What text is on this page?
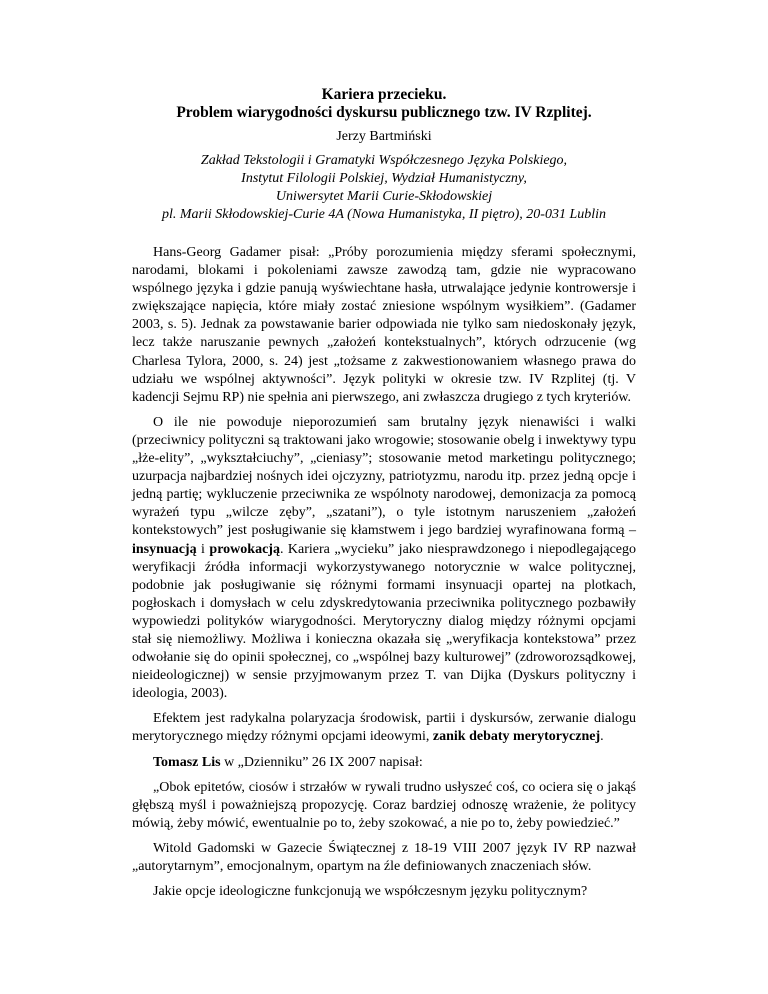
Kariera przecieku.
Problem wiarygodności dyskursu publicznego tzw. IV Rzplitej.
Jerzy Bartmiński
Zakład Tekstologii i Gramatyki Współczesnego Języka Polskiego,
Instytut Filologii Polskiej, Wydział Humanistyczny,
Uniwersytet Marii Curie-Skłodowskiej
pl. Marii Skłodowskiej-Curie 4A (Nowa Humanistyka, II piętro), 20-031 Lublin

Hans-Georg Gadamer pisał: „Próby porozumienia między sferami społecznymi, narodami, blokami i pokoleniami zawsze zawodzą tam, gdzie nie wypracowano wspólnego języka i gdzie panują wyświechtane hasła, utrwalające jedynie kontrowersje i zwiększające napięcia, które miały zostać zniesione wspólnym wysiłkiem”. (Gadamer 2003, s. 5). Jednak za powstawanie barier odpowiada nie tylko sam niedoskonały język, lecz także naruszanie pewnych „założeń kontekstualnych”, których odrzucenie (wg Charlesa Tylora, 2000, s. 24) jest „tożsame z zakwestionowaniem własnego prawa do udziału we wspólnej aktywności”. Język polityki w okresie tzw. IV Rzplitej (tj. V kadencji Sejmu RP) nie spełnia ani pierwszego, ani zwłaszcza drugiego z tych kryteriów.

O ile nie powoduje nieporozumień sam brutalny język nienawiści i walki (przeciwnicy polityczni są traktowani jako wrogowie; stosowanie obelg i inwektywy typu „łże-elity”, „wykształciuchy”, „cieniasy”; stosowanie metod marketingu politycznego; uzurpacja najbardziej nośnych idei ojczyzny, patriotyzmu, narodu itp. przez jedną opcje i jedną partię; wykluczenie przeciwnika ze wspólnoty narodowej, demonizacja za pomocą wyrażeń typu „wilcze zęby”, „szatani”), o tyle istotnym naruszeniem „założeń kontekstowych” jest posługiwanie się kłamstwem i jego bardziej wyrafinowana formą – insynuacją i prowokacją. Kariera „wycieku” jako niesprawdzonego i niepodlegającego weryfikacji źródła informacji wykorzystywanego notorycznie w walce politycznej, podobnie jak posługiwanie się różnymi formami insynuacji opartej na plotkach, pogłoskach i domysłach w celu zdyskredytowania przeciwnika politycznego pozbawiły wypowiedzi polityków wiarygodności. Merytoryczny dialog między różnymi opcjami stał się niemożliwy. Możliwa i konieczna okazała się „weryfikacja kontekstowa” przez odwołanie się do opinii społecznej, co „wspólnej bazy kulturowej” (zdroworozsądkowej, nieideologicznej) w sensie przyjmowanym przez T. van Dijka (Dyskurs polityczny i ideologia, 2003).

Efektem jest radykalna polaryzacja środowisk, partii i dyskursów, zerwanie dialogu merytorycznego między różnymi opcjami ideowymi, zanik debaty merytorycznej.

Tomasz Lis w „Dzienniku” 26 IX 2007 napisał:

„Obok epitetów, ciosów i strzałów w rywali trudno usłyszeć coś, co ociera się o jakąś głębszą myśl i poważniejszą propozycję. Coraz bardziej odnoszę wrażenie, że politycy mówią, żeby mówić, ewentualnie po to, żeby szokować, a nie po to, żeby powiedzieć.”

Witold Gadomski w Gazecie Świątecznej z 18-19 VIII 2007 język IV RP nazwał „autorytarnym”, emocjonalnym, opartym na źle definiowanych znaczeniach słów.

Jakie opcje ideologiczne funkcjonują we współczesnym języku politycznym?
